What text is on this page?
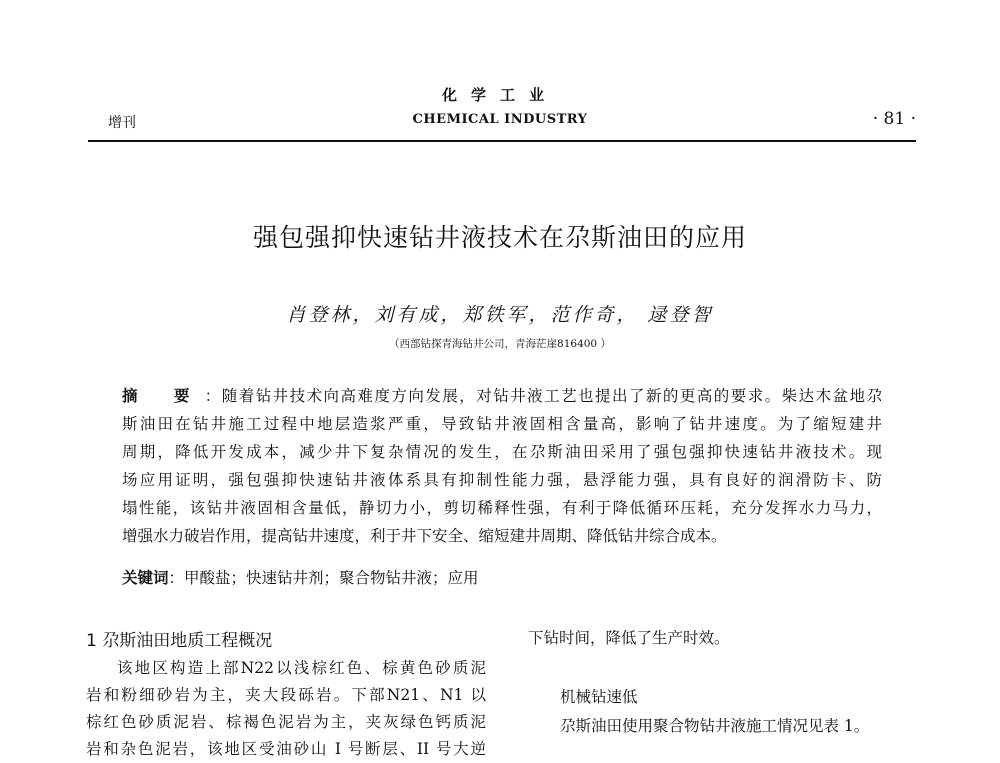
化学工业
增刊	CHEMICAL INDUSTRY	· 81 ·
强包强抑快速钻井液技术在尕斯油田的应用
肖登林，刘有成，郑铁军，范作奇， 逯登智
（西部钻探青海钻井公司，青海茫崖816400 ）
摘 要：随着钻井技术向高难度方向发展，对钻井液工艺也提出了新的更高的要求。柴达木盆地尕
斯油田在钻井施工过程中地层造浆严重，导致钻井液固相含量高，影响了钻井速度。为了缩短建井
周期，降低开发成本，减少井下复杂情况的发生，在尕斯油田采用了强包强抑快速钻井液技术。现
场应用证明，强包强抑快速钻井液体系具有抑制性能力强，悬浮能力强，具有良好的润滑防卡、防
塌性能，该钻井液固相含量低，静切力小，剪切稀释性强，有利于降低循环压耗，充分发挥水力马力，
增强水力破岩作用，提高钻井速度，利于井下安全、缩短建井周期、降低钻井综合成本。
关键词：甲酸盐；快速钻井剂；聚合物钻井液；应用
1 尕斯油田地质工程概况
该地区构造上部N22以浅棕红色、棕黄色砂质泥
岩和粉细砂岩为主，夹大段砾岩。下部N21、N1 以
棕红色砂质泥岩、棕褐色泥岩为主，夹灰绿色钙质泥
岩和杂色泥岩，该地区受油砂山 I 号断层、II 号大逆
下钻时间，降低了生产时效。
机械钻速低
尕斯油田使用聚合物钻井液施工情况见表 1。
